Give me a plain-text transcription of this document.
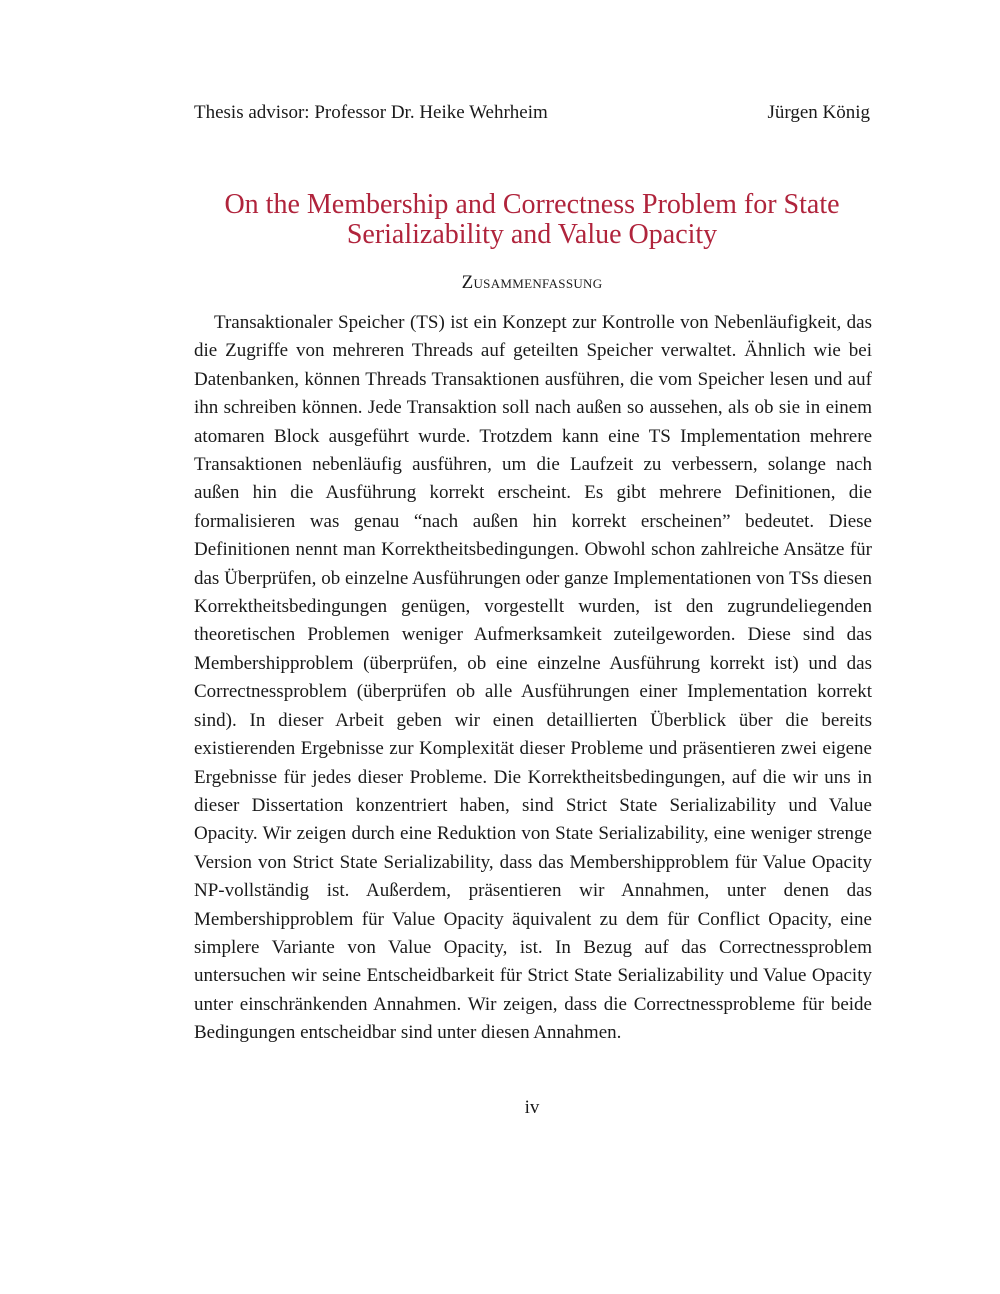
Thesis advisor: Professor Dr. Heike Wehrheim	Jürgen König
On the Membership and Correctness Problem for State Serializability and Value Opacity
Zusammenfassung

Transaktionaler Speicher (TS) ist ein Konzept zur Kontrolle von Nebenläufigkeit, das die Zugriffe von mehreren Threads auf geteilten Speicher verwaltet. Ähnlich wie bei Datenbanken, können Threads Transaktionen ausführen, die vom Speicher lesen und auf ihn schreiben können. Jede Transaktion soll nach außen so aussehen, als ob sie in einem atomaren Block ausgeführt wurde. Trotzdem kann eine TS Implementation mehrere Transaktionen nebenläufig ausführen, um die Laufzeit zu verbessern, solange nach außen hin die Ausführung korrekt erscheint. Es gibt mehrere Definitionen, die formalisieren was genau “nach außen hin korrekt erscheinen” bedeutet. Diese Definitionen nennt man Korrektheitsbedingungen. Obwohl schon zahlreiche Ansätze für das Überprüfen, ob einzelne Ausführungen oder ganze Implementationen von TSs diesen Korrektheitsbedingungen genügen, vorgestellt wurden, ist den zugrundeliegenden theoretischen Problemen weniger Aufmerksamkeit zuteilgeworden. Diese sind das Membershipproblem (überprüfen, ob eine einzelne Ausführung korrekt ist) und das Correctnessproblem (überprüfen ob alle Ausführungen einer Implementation korrekt sind). In dieser Arbeit geben wir einen detaillierten Überblick über die bereits existierenden Ergebnisse zur Komplexität dieser Probleme und präsentieren zwei eigene Ergebnisse für jedes dieser Probleme. Die Korrektheitsbedingungen, auf die wir uns in dieser Dissertation konzentriert haben, sind Strict State Serializability und Value Opacity. Wir zeigen durch eine Reduktion von State Serializability, eine weniger strenge Version von Strict State Serializability, dass das Membershipproblem für Value Opacity NP-vollständig ist. Außerdem, präsentieren wir Annahmen, unter denen das Membershipproblem für Value Opacity äquivalent zu dem für Conflict Opacity, eine simplere Variante von Value Opacity, ist. In Bezug auf das Correctnessproblem untersuchen wir seine Entscheidbarkeit für Strict State Serializability und Value Opacity unter einschränkenden Annahmen. Wir zeigen, dass die Correctnessprobleme für beide Bedingungen entscheidbar sind unter diesen Annahmen.

iv
